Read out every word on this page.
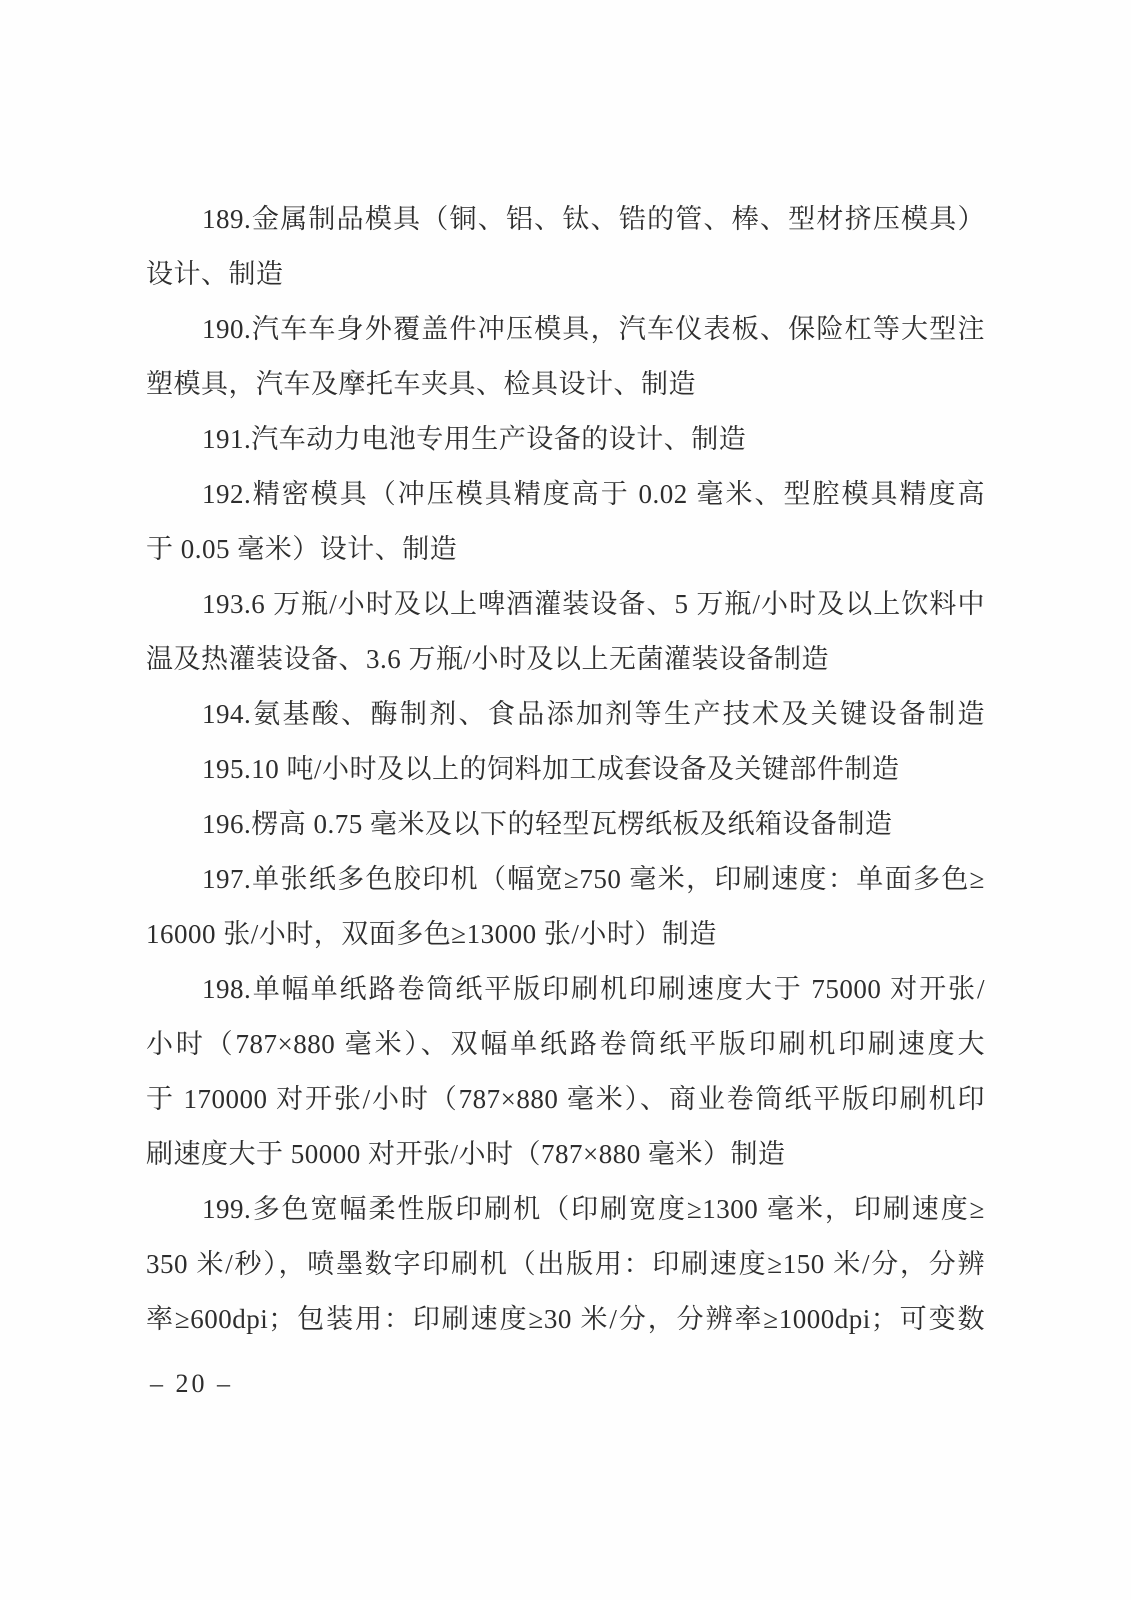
189.金属制品模具（铜、铝、钛、锆的管、棒、型材挤压模具）
设计、制造
190.汽车车身外覆盖件冲压模具，汽车仪表板、保险杠等大型注
塑模具，汽车及摩托车夹具、检具设计、制造
191.汽车动力电池专用生产设备的设计、制造
192.精密模具（冲压模具精度高于 0.02 毫米、型腔模具精度高
于 0.05 毫米）设计、制造
193.6 万瓶/小时及以上啤酒灌装设备、5 万瓶/小时及以上饮料中
温及热灌装设备、3.6 万瓶/小时及以上无菌灌装设备制造
194.氨基酸、酶制剂、食品添加剂等生产技术及关键设备制造
195.10 吨/小时及以上的饲料加工成套设备及关键部件制造
196.楞高 0.75 毫米及以下的轻型瓦楞纸板及纸箱设备制造
197.单张纸多色胶印机（幅宽≥750 毫米，印刷速度：单面多色≥
16000 张/小时，双面多色≥13000 张/小时）制造
198.单幅单纸路卷筒纸平版印刷机印刷速度大于 75000 对开张/
小时（787×880 毫米）、双幅单纸路卷筒纸平版印刷机印刷速度大
于 170000 对开张/小时（787×880 毫米）、商业卷筒纸平版印刷机印
刷速度大于 50000 对开张/小时（787×880 毫米）制造
199.多色宽幅柔性版印刷机（印刷宽度≥1300 毫米，印刷速度≥
350 米/秒），喷墨数字印刷机（出版用：印刷速度≥150 米/分，分辨
率≥600dpi；包装用：印刷速度≥30 米/分，分辨率≥1000dpi；可变数
– 20 –
